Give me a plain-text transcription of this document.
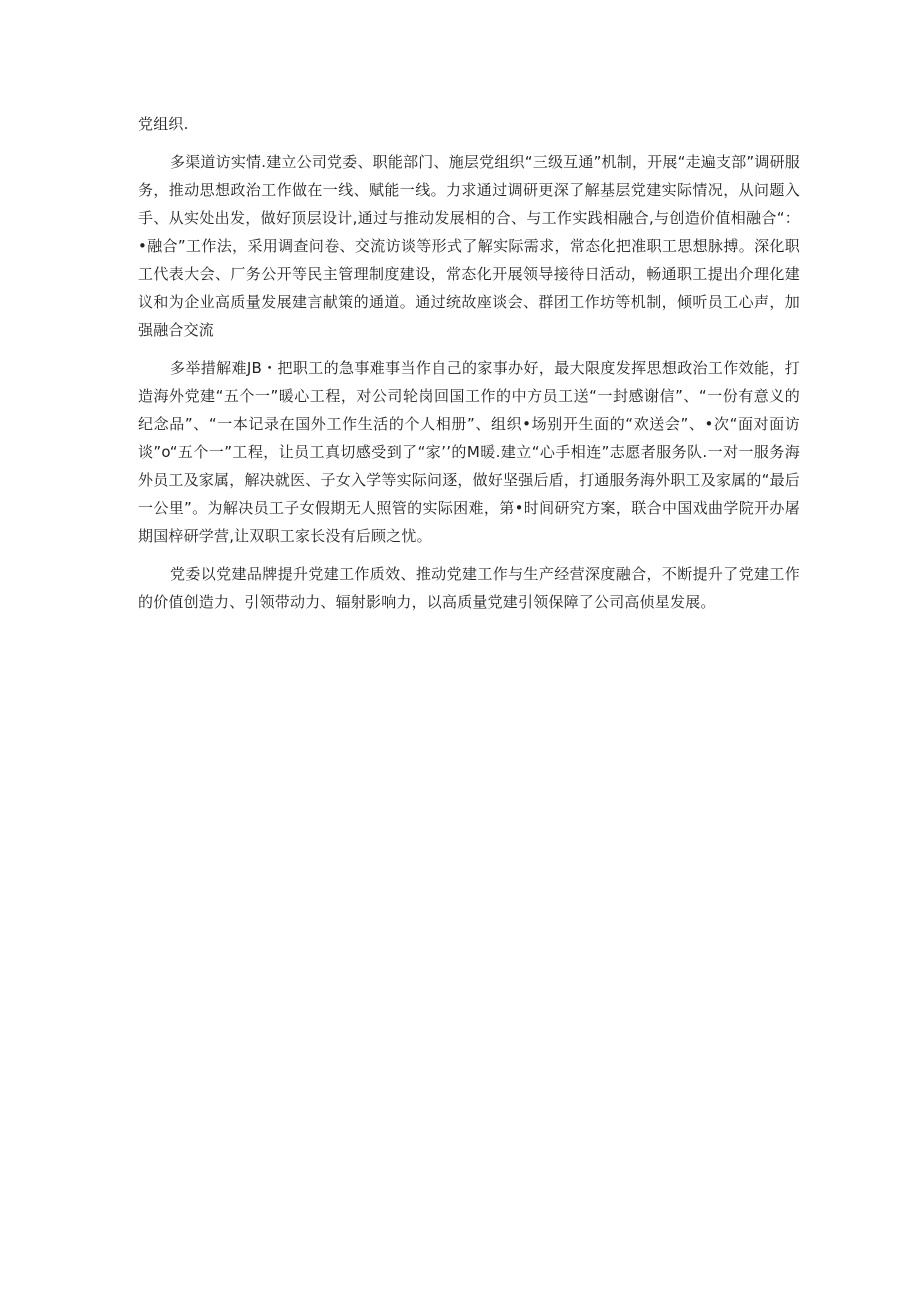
党组织.

多渠道访实情.建立公司党委、职能部门、施层党组织“三级互通”机制，开展“走遍支部”调研服务，推动思想政治工作做在一线、赋能一线。力求通过调研更深了解基层党建实际情况，从问题入手、从实处出发，做好顶层设计,通过与推动发展相的合、与工作实践相融合,与创造价值相融合“：•融合”工作法，采用调查问卷、交流访谈等形式了解实际需求，常态化把准职工思想脉搏。深化职工代表大会、厂务公开等民主管理制度建设，常态化开展领导接待日活动，畅通职工提出介理化建议和为企业高质量发展建言献策的通道。通过统故座谈会、群团工作坊等机制，倾听员工心声，加强融合交流

多举措解难JB・把职工的急事难事当作自己的家事办好，最大限度发挥思想政治工作效能，打造海外党建“五个一”暖心工程，对公司轮岗回国工作的中方员工送“一封感谢信”、“一份有意义的纪念品”、“一本记录在国外工作生活的个人相册”、组织•场别开生面的“欢送会”、•次“面对面访谈”o“五个一”工程，让员工真切感受到了“家’’的M暖.建立“心手相连”志愿者服务队.一对一服务海外员工及家属，解决就医、子女入学等实际问逐，做好坚强后盾，打通服务海外职工及家属的“最后一公里”。为解决员工子女假期无人照管的实际困难，第•时间研究方案，联合中国戏曲学院开办屠期国梓研学营,让双职工家长没有后顾之忧。

党委以党建品牌提升党建工作质效、推动党建工作与生产经营深度融合，不断提升了党建工作的价值创造力、引领带动力、辐射影响力，以高质量党建引领保障了公司高侦星发展。
